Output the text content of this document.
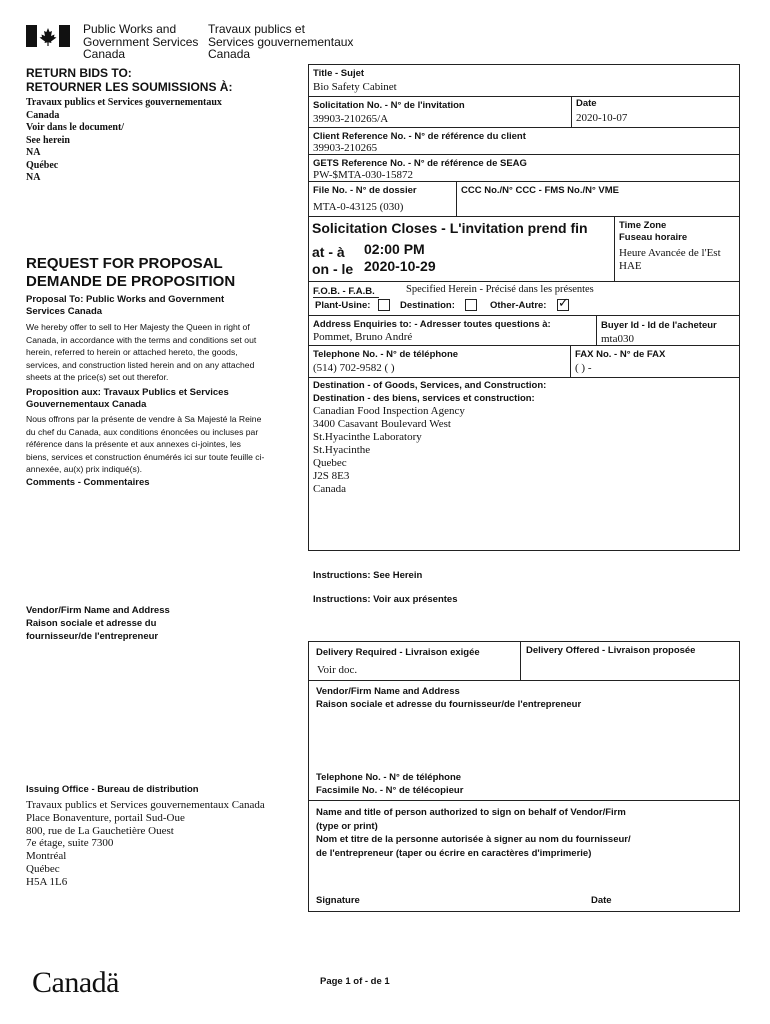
Public Works and
Government Services
Canada
Travaux publics et
Services gouvernementaux
Canada
RETURN BIDS TO:
RETOURNER LES SOUMISSIONS À:
Travaux publics et Services gouvernementaux
Canada
Voir dans le document/
See herein
NA
Québec
NA
REQUEST FOR PROPOSAL
DEMANDE DE PROPOSITION
Proposal To: Public Works and Government
Services Canada
We hereby offer to sell to Her Majesty the Queen in right of Canada, in accordance with the terms and conditions set out herein, referred to herein or attached hereto, the goods, services, and construction listed herein and on any attached sheets at the price(s) set out therefor.
Proposition aux: Travaux Publics et Services
Gouvernementaux Canada
Nous offrons par la présente de vendre à Sa Majesté la Reine du chef du Canada, aux conditions énoncées ou incluses par référence dans la présente et aux annexes ci-jointes, les biens, services et construction énumérés ici sur toute feuille ci-annexée, au(x) prix indiqué(s).
Comments - Commentaires
Vendor/Firm Name and Address
Raison sociale et adresse du
fournisseur/de l'entrepreneur
Issuing Office - Bureau de distribution
Travaux publics et Services gouvernementaux Canada
Place Bonaventure, portail Sud-Oue
800, rue de La Gauchetière Ouest
7e étage, suite 7300
Montréal
Québec
H5A 1L6
Title - Sujet
Bio Safety Cabinet
Solicitation No. - N° de l'invitation
39903-210265/A
Date
2020-10-07
Client Reference No. - N° de référence du client
39903-210265
GETS Reference No. - N° de référence de SEAG
PW-$MTA-030-15872
File No. - N° de dossier
MTA-0-43125 (030)
CCC No./N° CCC - FMS No./N° VME
Solicitation Closes - L'invitation prend fin
at - à 02:00 PM
on - le 2020-10-29
Time Zone
Fuseau horaire
Heure Avancée de l'Est
HAE
F.O.B. - F.A.B.	Specified Herein - Précisé dans les présentes
Plant-Usine:	Destination:	Other-Autre: ✓
Address Enquiries to: - Adresser toutes questions à:
Pommet, Bruno André
Buyer Id - Id de l'acheteur
mta030
Telephone No. - N° de téléphone
(514) 702-9582 ( )
FAX No. - N° de FAX
( ) -
Destination - of Goods, Services, and Construction:
Destination - des biens, services et construction:
Canadian Food Inspection Agency
3400 Casavant Boulevard West
St.Hyacinthe Laboratory
St.Hyacinthe
Quebec
J2S 8E3
Canada
Instructions: See Herein
Instructions: Voir aux présentes
Delivery Required - Livraison exigée
Voir doc.
Delivery Offered - Livraison proposée
Vendor/Firm Name and Address
Raison sociale et adresse du fournisseur/de l'entrepreneur
Telephone No. - N° de téléphone
Facsimile No. - N° de télécopieur
Name and title of person authorized to sign on behalf of Vendor/Firm
(type or print)
Nom et titre de la personne autorisée à signer au nom du fournisseur/
de l'entrepreneur (taper ou écrire en caractères d'imprimerie)
Signature	Date
Canadä	Page 1 of - de 1
